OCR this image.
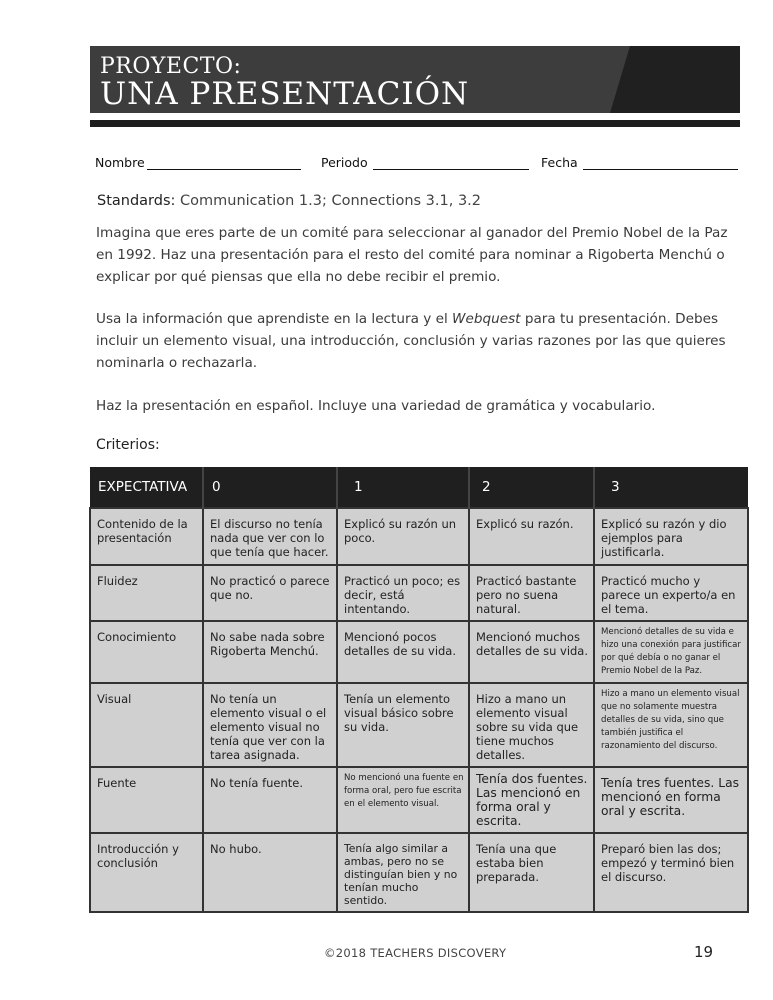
PROYECTO:
UNA PRESENTACIÓN
Nombre	Periodo	Fecha
Standards: Communication 1.3; Connections 3.1, 3.2

Imagina que eres parte de un comité para seleccionar al ganador del Premio Nobel de la Paz en 1992. Haz una presentación para el resto del comité para nominar a Rigoberta Menchú o explicar por qué piensas que ella no debe recibir el premio.

Usa la información que aprendiste en la lectura y el Webquest para tu presentación. Debes incluir un elemento visual, una introducción, conclusión y varias razones por las que quieres nominarla o rechazarla.

Haz la presentación en español. Incluye una variedad de gramática y vocabulario.

Criterios:
EXPECTATIVA	0	1	2	3
Contenido de la presentación	El discurso no tenía nada que ver con lo que tenía que hacer.	Explicó su razón un poco.	Explicó su razón.	Explicó su razón y dio ejemplos para justificarla.
Fluidez	No practicó o parece que no.	Practicó un poco; es decir, está intentando.	Practicó bastante pero no suena natural.	Practicó mucho y parece un experto/a en el tema.
Conocimiento	No sabe nada sobre Rigoberta Menchú.	Mencionó pocos detalles de su vida.	Mencionó muchos detalles de su vida.	Mencionó detalles de su vida e hizo una conexión para justificar por qué debía o no ganar el Premio Nobel de la Paz.
Visual	No tenía un elemento visual o el elemento visual no tenía que ver con la tarea asignada.	Tenía un elemento visual básico sobre su vida.	Hizo a mano un elemento visual sobre su vida que tiene muchos detalles.	Hizo a mano un elemento visual que no solamente muestra detalles de su vida, sino que también justifica el razonamiento del discurso.
Fuente	No tenía fuente.	No mencionó una fuente en forma oral, pero fue escrita en el elemento visual.	Tenía dos fuentes. Las mencionó en forma oral y escrita.	Tenía tres fuentes. Las mencionó en forma oral y escrita.
Introducción y conclusión	No hubo.	Tenía algo similar a ambas, pero no se distinguían bien y no tenían mucho sentido.	Tenía una que estaba bien preparada.	Preparó bien las dos; empezó y terminó bien el discurso.
©2018 TEACHERS DISCOVERY	19
